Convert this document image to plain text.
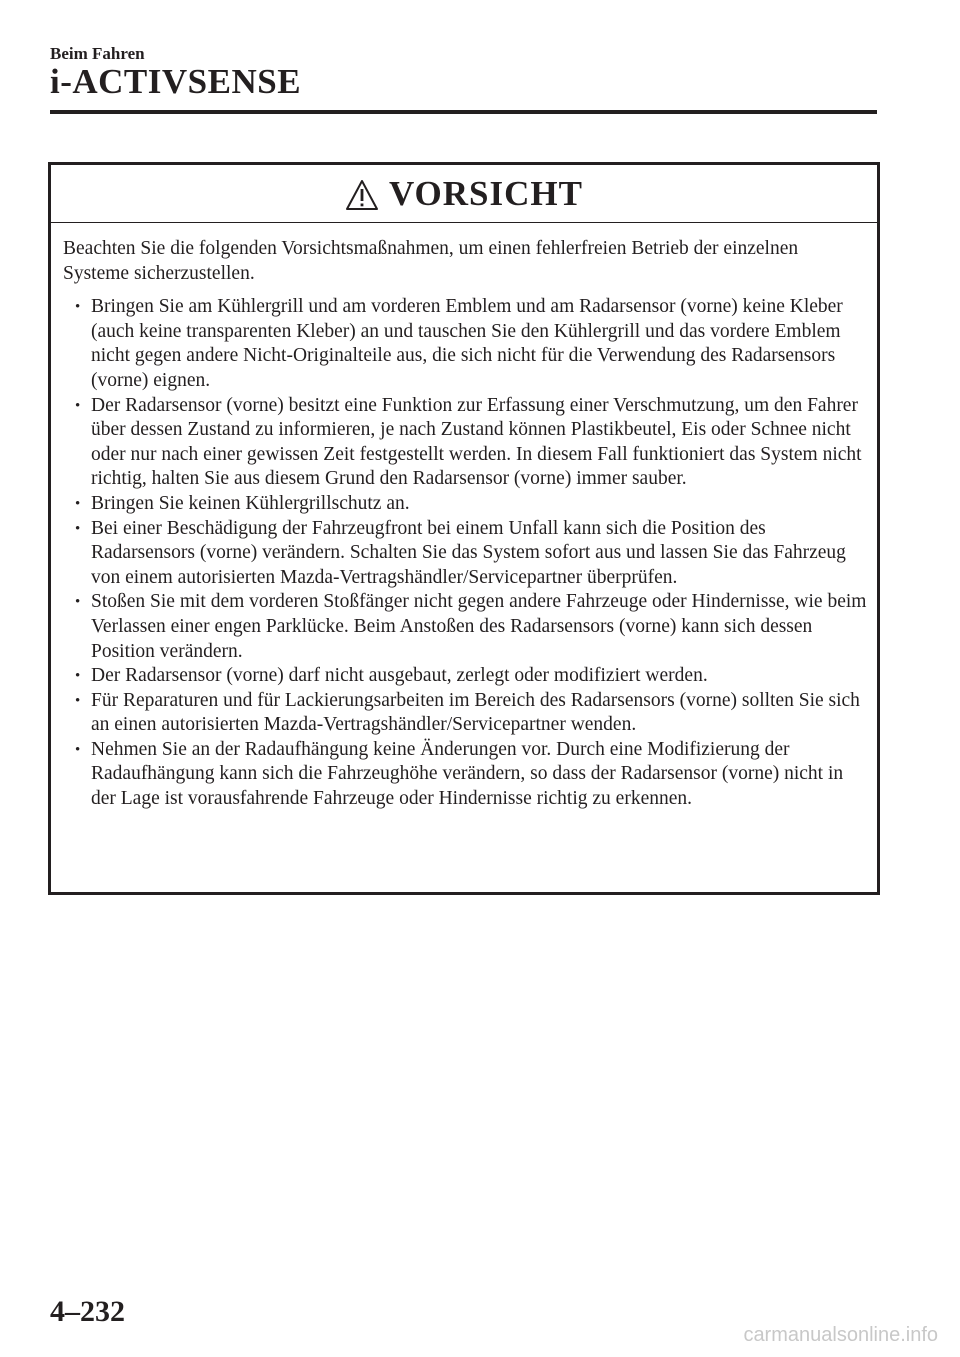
Beim Fahren
i-ACTIVSENSE
VORSICHT

Beachten Sie die folgenden Vorsichtsmaßnahmen, um einen fehlerfreien Betrieb der einzelnen Systeme sicherzustellen.

• Bringen Sie am Kühlergrill und am vorderen Emblem und am Radarsensor (vorne) keine Kleber (auch keine transparenten Kleber) an und tauschen Sie den Kühlergrill und das vordere Emblem nicht gegen andere Nicht-Originalteile aus, die sich nicht für die Verwendung des Radarsensors (vorne) eignen.
• Der Radarsensor (vorne) besitzt eine Funktion zur Erfassung einer Verschmutzung, um den Fahrer über dessen Zustand zu informieren, je nach Zustand können Plastikbeutel, Eis oder Schnee nicht oder nur nach einer gewissen Zeit festgestellt werden. In diesem Fall funktioniert das System nicht richtig, halten Sie aus diesem Grund den Radarsensor (vorne) immer sauber.
• Bringen Sie keinen Kühlergrillschutz an.
• Bei einer Beschädigung der Fahrzeugfront bei einem Unfall kann sich die Position des Radarsensors (vorne) verändern. Schalten Sie das System sofort aus und lassen Sie das Fahrzeug von einem autorisierten Mazda-Vertragshändler/Servicepartner überprüfen.
• Stoßen Sie mit dem vorderen Stoßfänger nicht gegen andere Fahrzeuge oder Hindernisse, wie beim Verlassen einer engen Parklücke. Beim Anstoßen des Radarsensors (vorne) kann sich dessen Position verändern.
• Der Radarsensor (vorne) darf nicht ausgebaut, zerlegt oder modifiziert werden.
• Für Reparaturen und für Lackierungsarbeiten im Bereich des Radarsensors (vorne) sollten Sie sich an einen autorisierten Mazda-Vertragshändler/Servicepartner wenden.
• Nehmen Sie an der Radaufhängung keine Änderungen vor. Durch eine Modifizierung der Radaufhängung kann sich die Fahrzeughöhe verändern, so dass der Radarsensor (vorne) nicht in der Lage ist vorausfahrende Fahrzeuge oder Hindernisse richtig zu erkennen.
4–232
carmanualsonline.info
